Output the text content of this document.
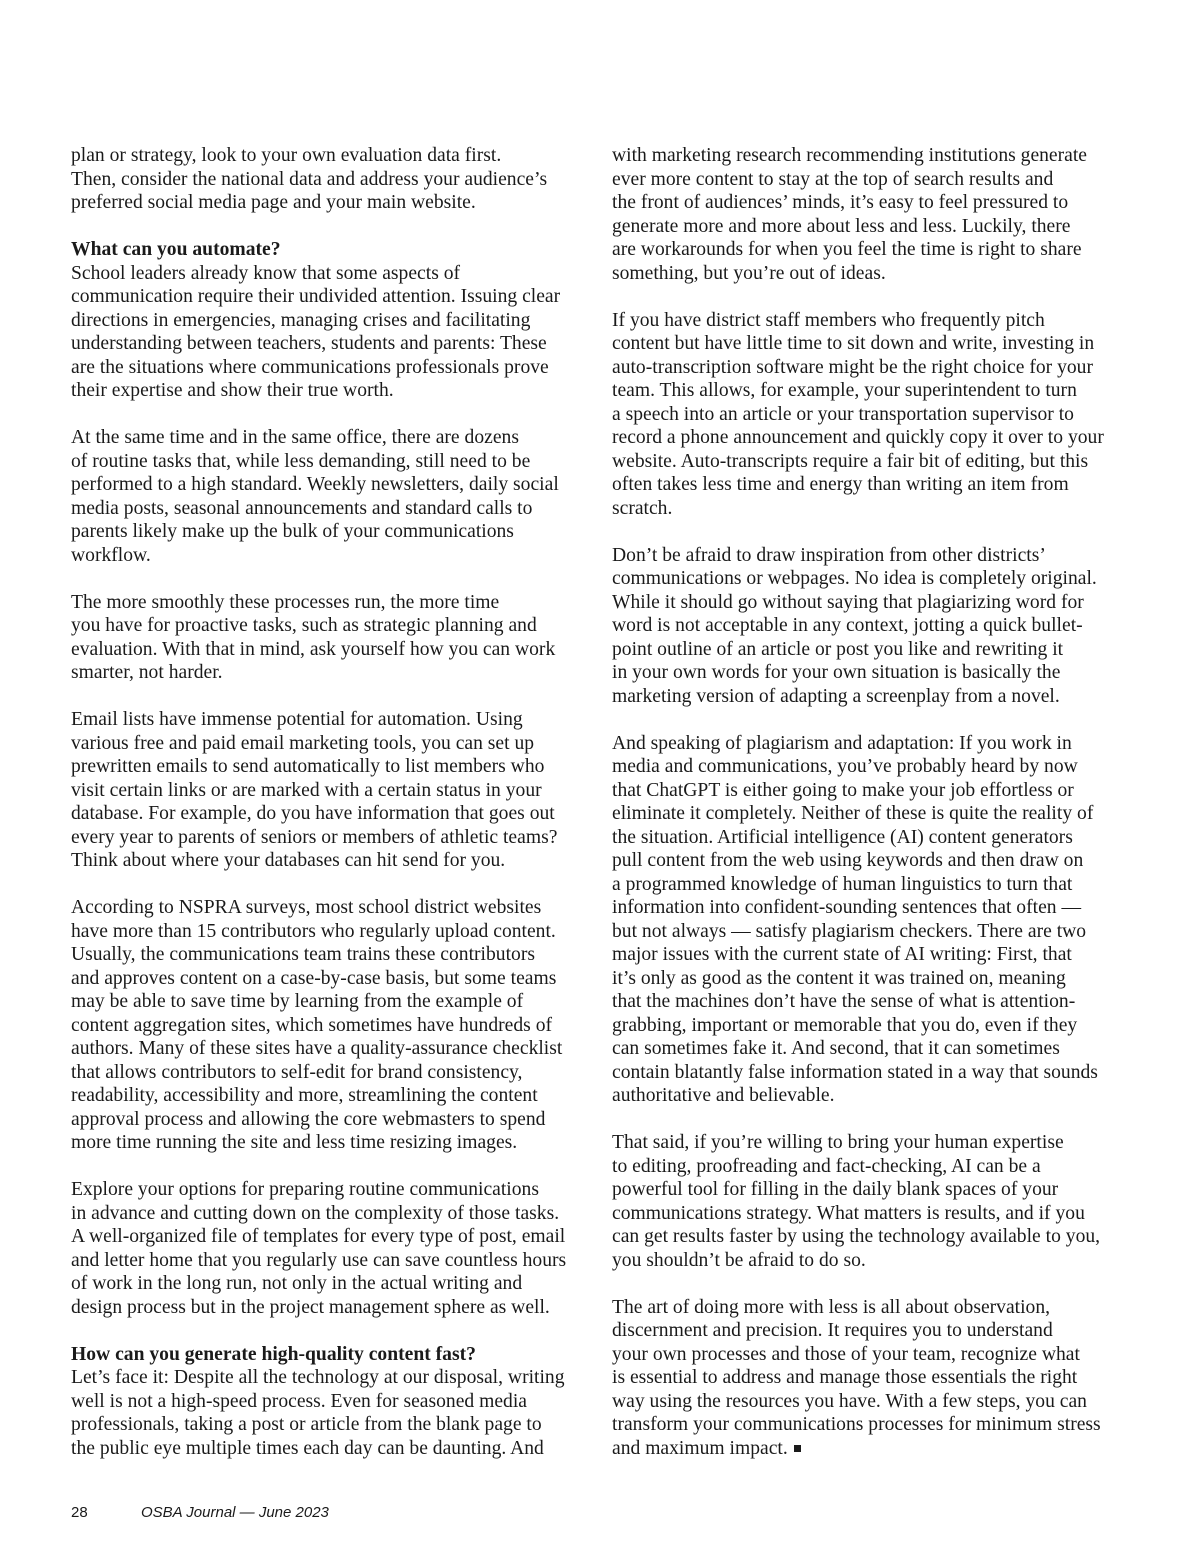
plan or strategy, look to your own evaluation data first.
Then, consider the national data and address your audience’s
preferred social media page and your main website.

What can you automate?

School leaders already know that some aspects of
communication require their undivided attention. Issuing clear
directions in emergencies, managing crises and facilitating
understanding between teachers, students and parents: These
are the situations where communications professionals prove
their expertise and show their true worth.

At the same time and in the same office, there are dozens
of routine tasks that, while less demanding, still need to be
performed to a high standard. Weekly newsletters, daily social
media posts, seasonal announcements and standard calls to
parents likely make up the bulk of your communications
workflow.

The more smoothly these processes run, the more time
you have for proactive tasks, such as strategic planning and
evaluation. With that in mind, ask yourself how you can work
smarter, not harder.

Email lists have immense potential for automation. Using
various free and paid email marketing tools, you can set up
prewritten emails to send automatically to list members who
visit certain links or are marked with a certain status in your
database. For example, do you have information that goes out
every year to parents of seniors or members of athletic teams?
Think about where your databases can hit send for you.

According to NSPRA surveys, most school district websites
have more than 15 contributors who regularly upload content.
Usually, the communications team trains these contributors
and approves content on a case-by-case basis, but some teams
may be able to save time by learning from the example of
content aggregation sites, which sometimes have hundreds of
authors. Many of these sites have a quality-assurance checklist
that allows contributors to self-edit for brand consistency,
readability, accessibility and more, streamlining the content
approval process and allowing the core webmasters to spend
more time running the site and less time resizing images.

Explore your options for preparing routine communications
in advance and cutting down on the complexity of those tasks.
A well-organized file of templates for every type of post, email
and letter home that you regularly use can save countless hours
of work in the long run, not only in the actual writing and
design process but in the project management sphere as well.

How can you generate high-quality content fast?

Let’s face it: Despite all the technology at our disposal, writing
well is not a high-speed process. Even for seasoned media
professionals, taking a post or article from the blank page to
the public eye multiple times each day can be daunting. And

with marketing research recommending institutions generate
ever more content to stay at the top of search results and
the front of audiences’ minds, it’s easy to feel pressured to
generate more and more about less and less. Luckily, there
are workarounds for when you feel the time is right to share
something, but you’re out of ideas.

If you have district staff members who frequently pitch
content but have little time to sit down and write, investing in
auto-transcription software might be the right choice for your
team. This allows, for example, your superintendent to turn
a speech into an article or your transportation supervisor to
record a phone announcement and quickly copy it over to your
website. Auto-transcripts require a fair bit of editing, but this
often takes less time and energy than writing an item from
scratch.

Don’t be afraid to draw inspiration from other districts’
communications or webpages. No idea is completely original.
While it should go without saying that plagiarizing word for
word is not acceptable in any context, jotting a quick bullet-
point outline of an article or post you like and rewriting it
in your own words for your own situation is basically the
marketing version of adapting a screenplay from a novel.

And speaking of plagiarism and adaptation: If you work in
media and communications, you’ve probably heard by now
that ChatGPT is either going to make your job effortless or
eliminate it completely. Neither of these is quite the reality of
the situation. Artificial intelligence (AI) content generators
pull content from the web using keywords and then draw on
a programmed knowledge of human linguistics to turn that
information into confident-sounding sentences that often —
but not always — satisfy plagiarism checkers. There are two
major issues with the current state of AI writing: First, that
it’s only as good as the content it was trained on, meaning
that the machines don’t have the sense of what is attention-
grabbing, important or memorable that you do, even if they
can sometimes fake it. And second, that it can sometimes
contain blatantly false information stated in a way that sounds
authoritative and believable.

That said, if you’re willing to bring your human expertise
to editing, proofreading and fact-checking, AI can be a
powerful tool for filling in the daily blank spaces of your
communications strategy. What matters is results, and if you
can get results faster by using the technology available to you,
you shouldn’t be afraid to do so.

The art of doing more with less is all about observation,
discernment and precision. It requires you to understand
your own processes and those of your team, recognize what
is essential to address and manage those essentials the right
way using the resources you have. With a few steps, you can
transform your communications processes for minimum stress
and maximum impact.

28	OSBA Journal — June 2023
